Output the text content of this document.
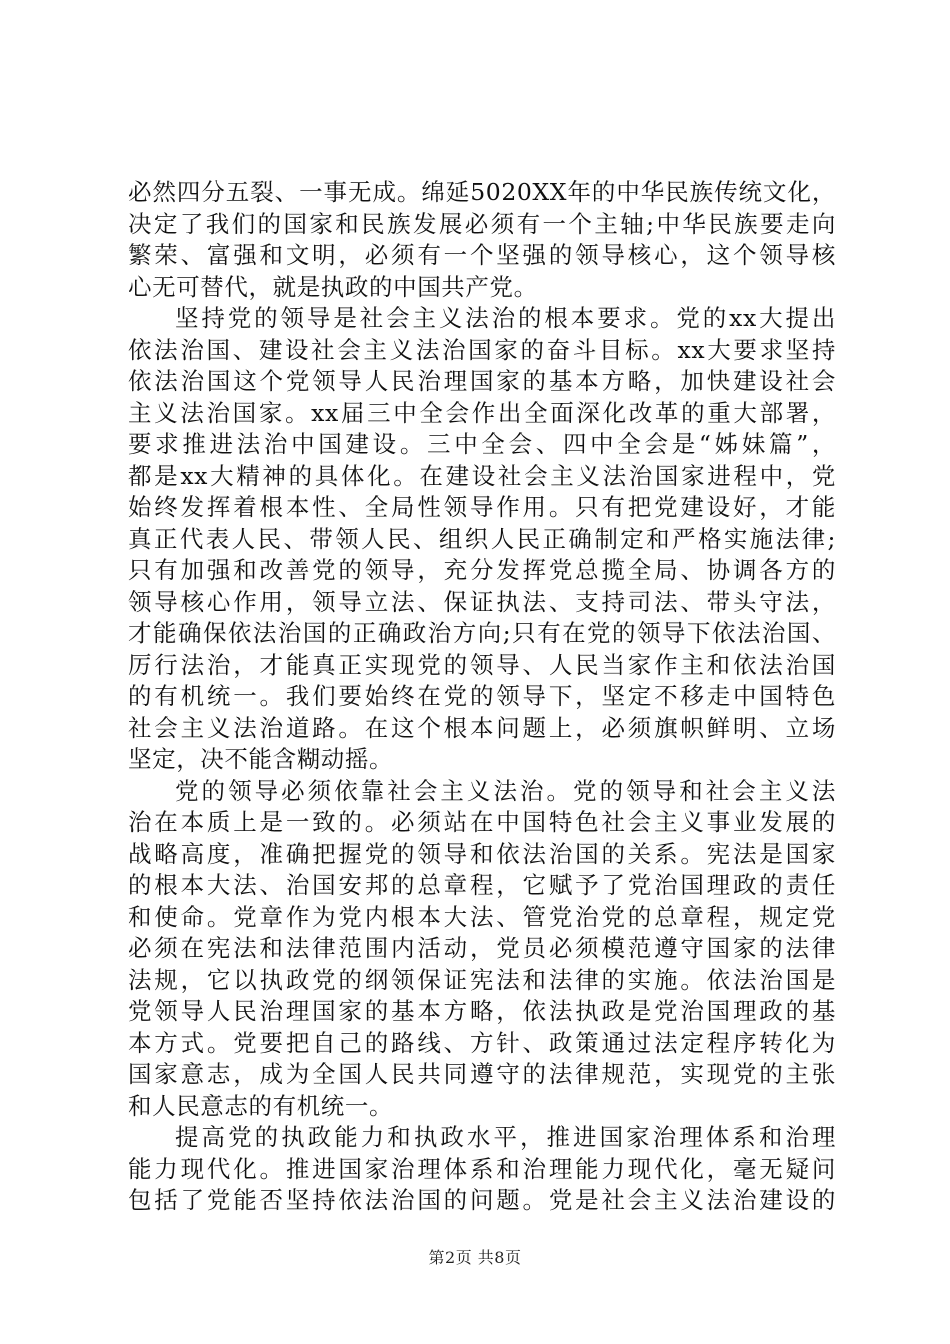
必然四分五裂、一事无成。绵延5020XX年的中华民族传统文化，
决定了我们的国家和民族发展必须有一个主轴;中华民族要走向
繁荣、富强和文明，必须有一个坚强的领导核心，这个领导核
心无可替代，就是执政的中国共产党。
坚持党的领导是社会主义法治的根本要求。党的xx大提出
依法治国、建设社会主义法治国家的奋斗目标。xx大要求坚持
依法治国这个党领导人民治理国家的基本方略，加快建设社会
主义法治国家。xx届三中全会作出全面深化改革的重大部署，
要求推进法治中国建设。三中全会、四中全会是“姊妹篇”，
都是xx大精神的具体化。在建设社会主义法治国家进程中，党
始终发挥着根本性、全局性领导作用。只有把党建设好，才能
真正代表人民、带领人民、组织人民正确制定和严格实施法律;
只有加强和改善党的领导，充分发挥党总揽全局、协调各方的
领导核心作用，领导立法、保证执法、支持司法、带头守法，
才能确保依法治国的正确政治方向;只有在党的领导下依法治国、
厉行法治，才能真正实现党的领导、人民当家作主和依法治国
的有机统一。我们要始终在党的领导下，坚定不移走中国特色
社会主义法治道路。在这个根本问题上，必须旗帜鲜明、立场
坚定，决不能含糊动摇。
党的领导必须依靠社会主义法治。党的领导和社会主义法
治在本质上是一致的。必须站在中国特色社会主义事业发展的
战略高度，准确把握党的领导和依法治国的关系。宪法是国家
的根本大法、治国安邦的总章程，它赋予了党治国理政的责任
和使命。党章作为党内根本大法、管党治党的总章程，规定党
必须在宪法和法律范围内活动，党员必须模范遵守国家的法律
法规，它以执政党的纲领保证宪法和法律的实施。依法治国是
党领导人民治理国家的基本方略，依法执政是党治国理政的基
本方式。党要把自己的路线、方针、政策通过法定程序转化为
国家意志，成为全国人民共同遵守的法律规范，实现党的主张
和人民意志的有机统一。
提高党的执政能力和执政水平，推进国家治理体系和治理
能力现代化。推进国家治理体系和治理能力现代化，毫无疑问
包括了党能否坚持依法治国的问题。党是社会主义法治建设的
第2页 共8页
